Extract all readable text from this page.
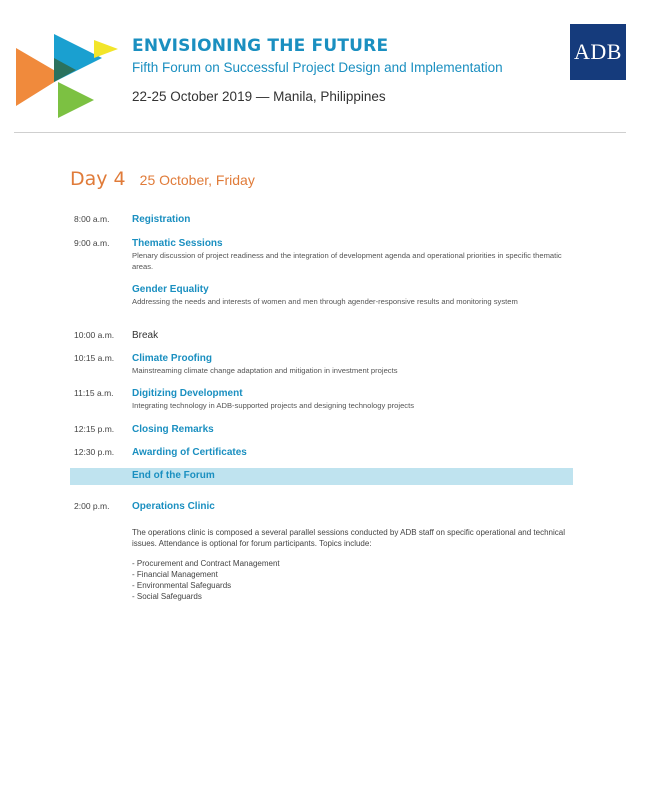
ENVISIONING THE FUTURE
Fifth Forum on Successful Project Design and Implementation
22-25 October 2019 — Manila, Philippines
ADB
Day 4 25 October, Friday
8:00 a.m. Registration
9:00 a.m. Thematic Sessions
Plenary discussion of project readiness and the integration of development agenda and operational priorities in specific thematic areas.
Gender Equality
Addressing the needs and interests of women and men through agender-responsive results and monitoring system
10:00 a.m. Break
10:15 a.m. Climate Proofing
Mainstreaming climate change adaptation and mitigation in investment projects
11:15 a.m. Digitizing Development
Integrating technology in ADB-supported projects and designing technology projects
12:15 p.m. Closing Remarks
12:30 p.m. Awarding of Certificates
End of the Forum
2:00 p.m. Operations Clinic
The operations clinic is composed a several parallel sessions conducted by ADB staff on specific operational and technical issues. Attendance is optional for forum participants. Topics include:
- Procurement and Contract Management
- Financial Management
- Environmental Safeguards
- Social Safeguards
